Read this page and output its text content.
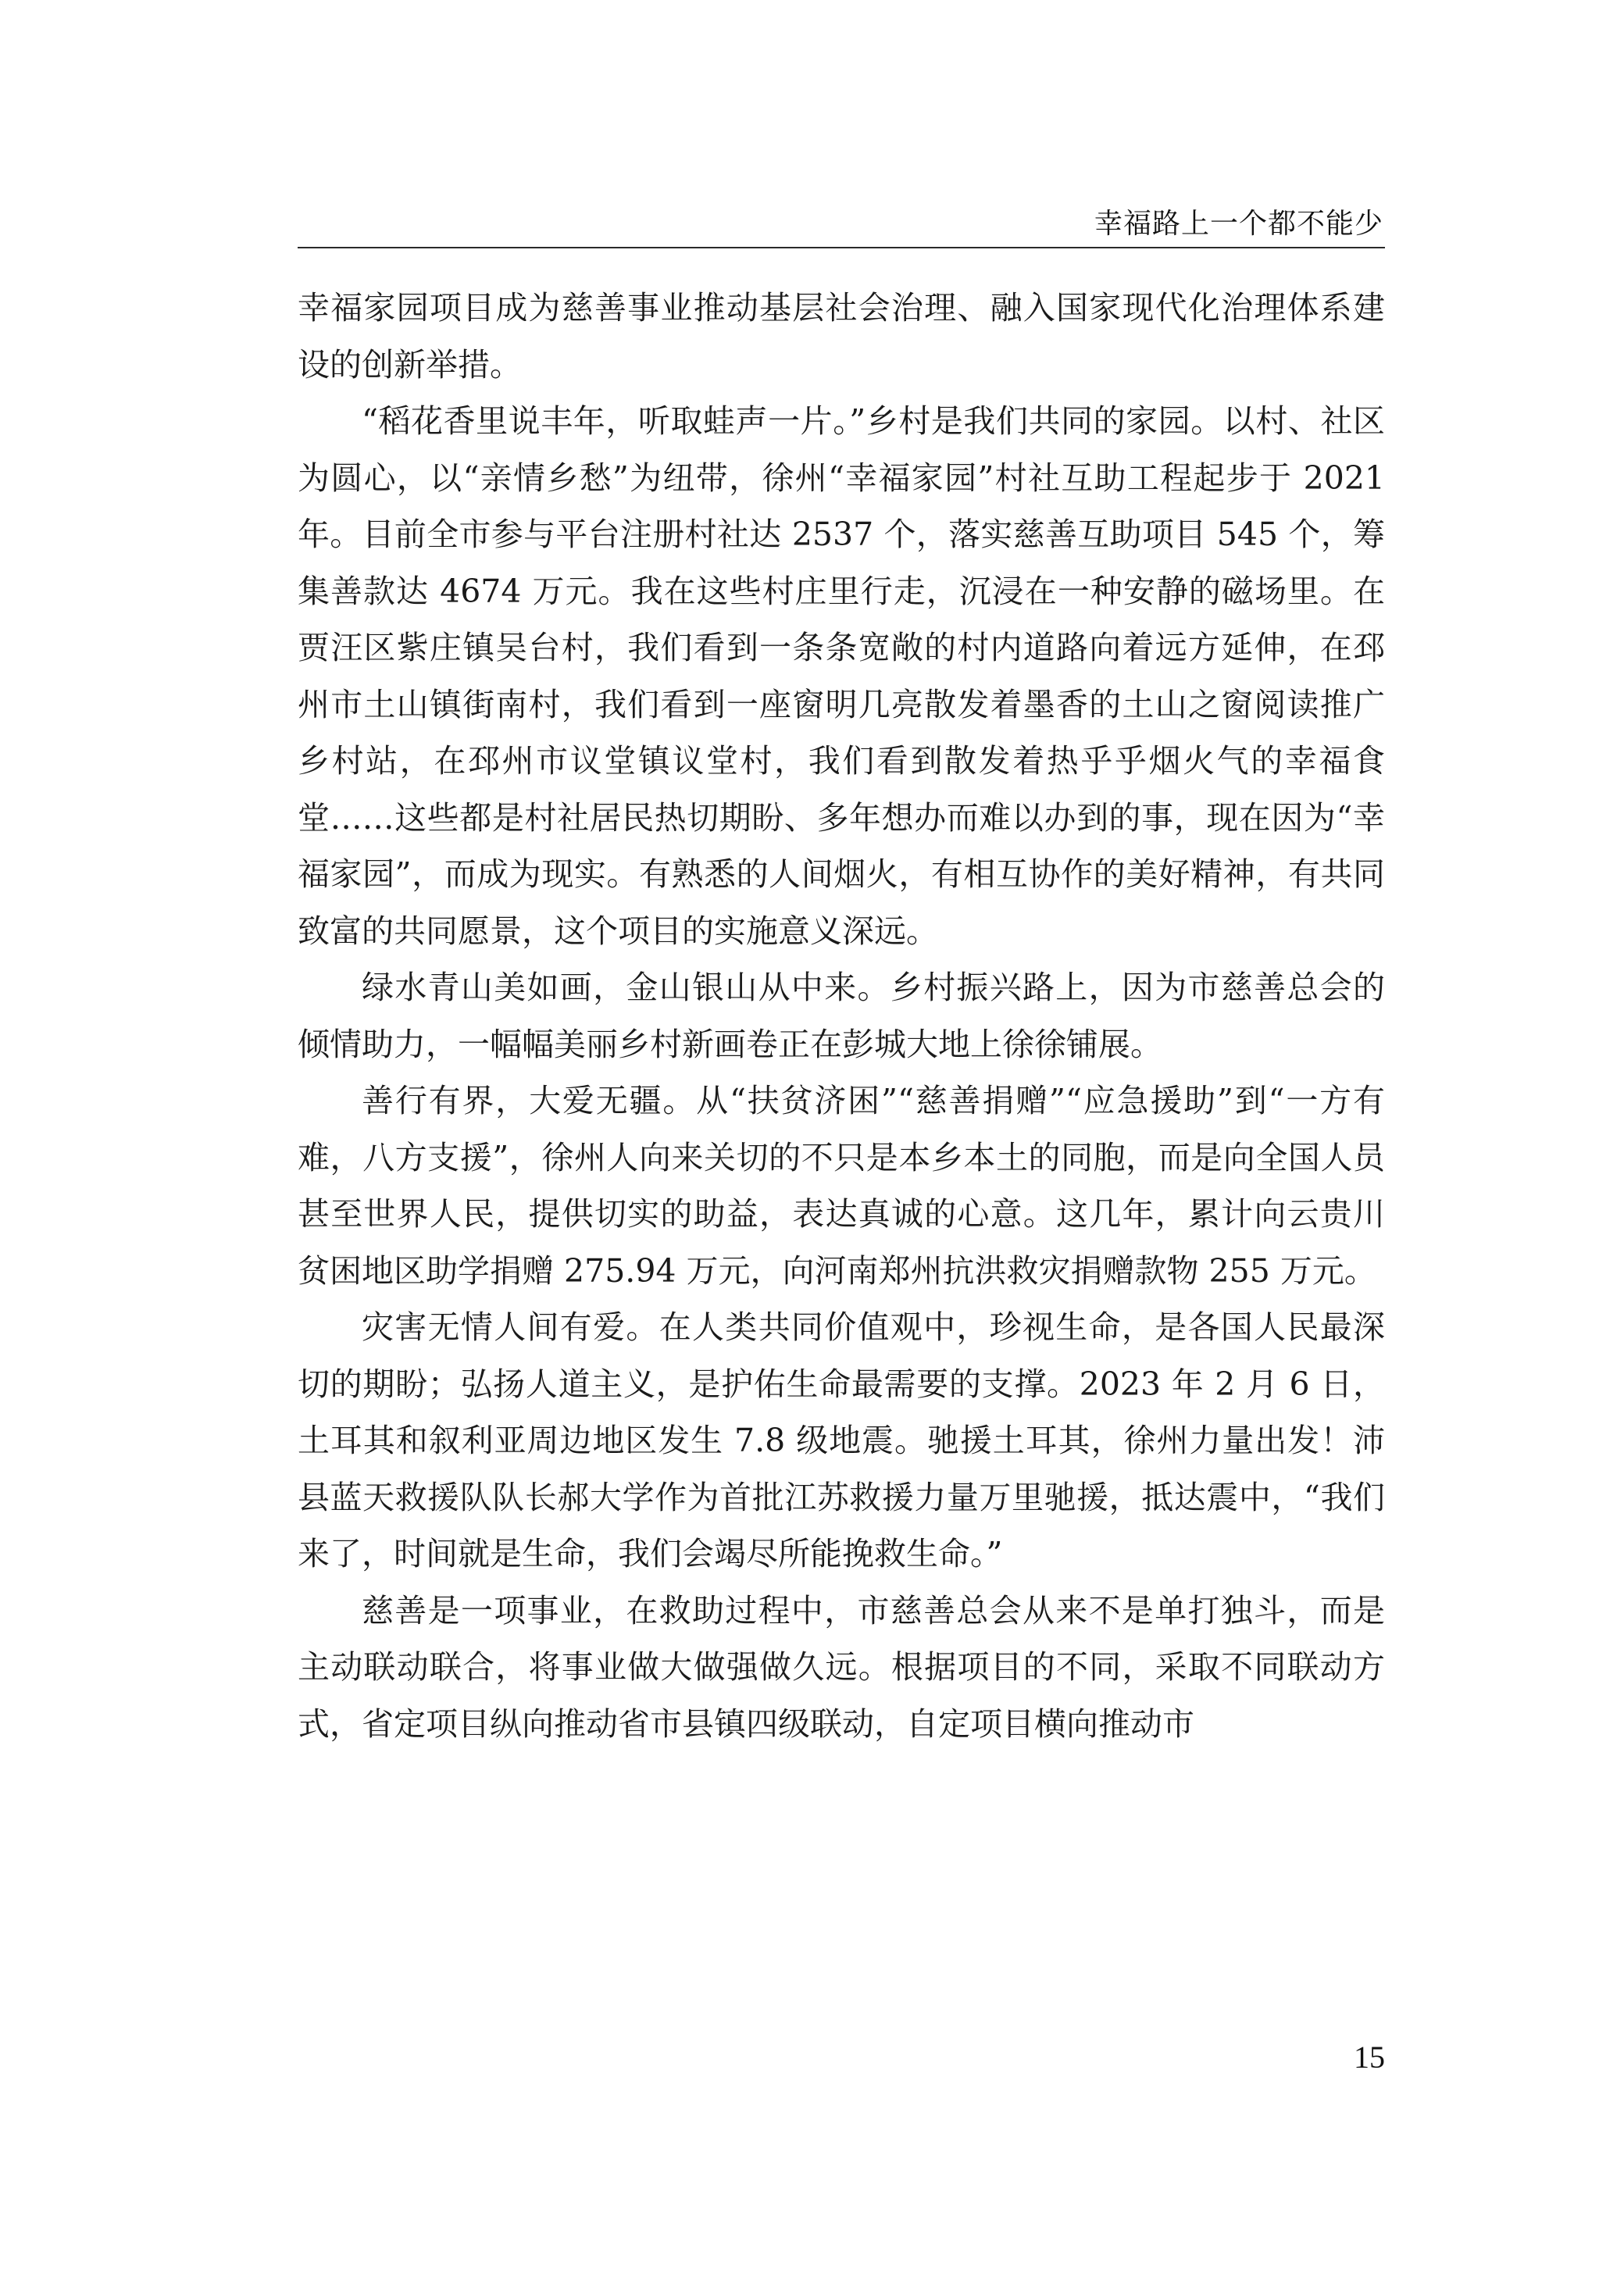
幸福路上一个都不能少

幸福家园项目成为慈善事业推动基层社会治理、融入国家现代化治理体系建设的创新举措。

“稻花香里说丰年，听取蛙声一片。”乡村是我们共同的家园。以村、社区为圆心，以“亲情乡愁”为纽带，徐州“幸福家园”村社互助工程起步于 2021 年。目前全市参与平台注册村社达 2537 个，落实慈善互助项目 545 个，筹集善款达 4674 万元。我在这些村庄里行走，沉浸在一种安静的磁场里。在贾汪区紫庄镇吴台村，我们看到一条条宽敞的村内道路向着远方延伸，在邳州市土山镇街南村，我们看到一座窗明几亮散发着墨香的土山之窗阅读推广乡村站，在邳州市议堂镇议堂村，我们看到散发着热乎乎烟火气的幸福食堂……这些都是村社居民热切期盼、多年想办而难以办到的事，现在因为“幸福家园”，而成为现实。有熟悉的人间烟火，有相互协作的美好精神，有共同致富的共同愿景，这个项目的实施意义深远。

绿水青山美如画，金山银山从中来。乡村振兴路上，因为市慈善总会的倾情助力，一幅幅美丽乡村新画卷正在彭城大地上徐徐铺展。

善行有界，大爱无疆。从“扶贫济困”“慈善捐赠”“应急援助”到“一方有难，八方支援”，徐州人向来关切的不只是本乡本土的同胞，而是向全国人员甚至世界人民，提供切实的助益，表达真诚的心意。这几年，累计向云贵川贫困地区助学捐赠 275.94 万元，向河南郑州抗洪救灾捐赠款物 255 万元。

灾害无情人间有爱。在人类共同价值观中，珍视生命，是各国人民最深切的期盼；弘扬人道主义，是护佑生命最需要的支撑。2023 年 2 月 6 日，土耳其和叙利亚周边地区发生 7.8 级地震。驰援土耳其，徐州力量出发！沛县蓝天救援队队长郝大学作为首批江苏救援力量万里驰援，抵达震中，“我们来了，时间就是生命，我们会竭尽所能挽救生命。”

慈善是一项事业，在救助过程中，市慈善总会从来不是单打独斗，而是主动联动联合，将事业做大做强做久远。根据项目的不同，采取不同联动方式，省定项目纵向推动省市县镇四级联动，自定项目横向推动市

15
